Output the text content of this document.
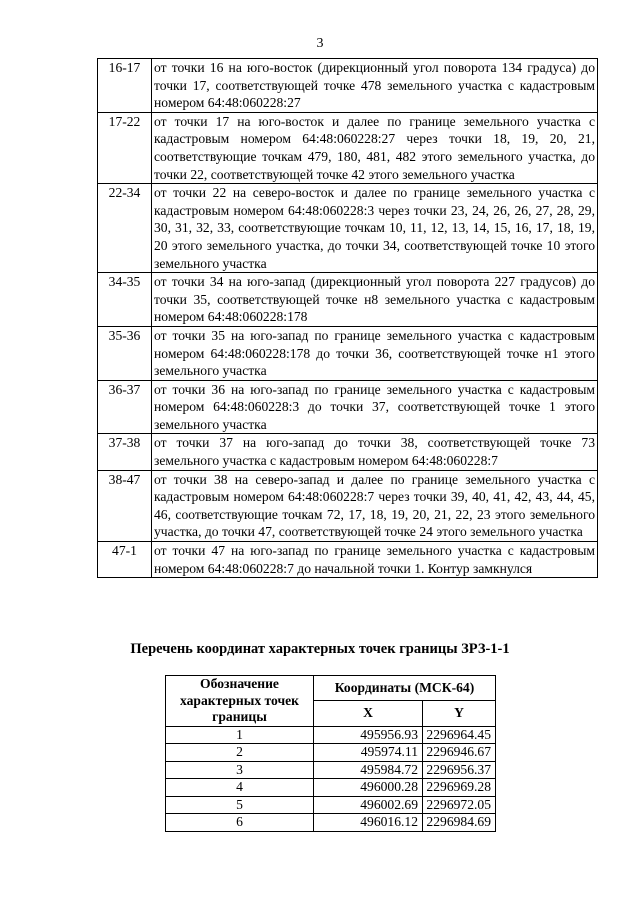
3
16-17	от точки 16 на юго-восток (дирекционный угол поворота 134 градуса) до точки 17, соответствующей точке 478 земельного участка с кадастровым номером 64:48:060228:27
17-22	от точки 17 на юго-восток и далее по границе земельного участка с кадастровым номером 64:48:060228:27 через точки 18, 19, 20, 21, соответствующие точкам 479, 180, 481, 482 этого земельного участка, до точки 22, соответствующей точке 42 этого земельного участка
22-34	от точки 22 на северо-восток и далее по границе земельного участка с кадастровым номером 64:48:060228:3 через точки 23, 24, 26, 26, 27, 28, 29, 30, 31, 32, 33, соответствующие точкам 10, 11, 12, 13, 14, 15, 16, 17, 18, 19, 20 этого земельного участка, до точки 34, соответствующей точке 10 этого земельного участка
34-35	от точки 34 на юго-запад (дирекционный угол поворота 227 градусов) до точки 35, соответствующей точке н8 земельного участка с кадастровым номером 64:48:060228:178
35-36	от точки 35 на юго-запад по границе земельного участка с кадастровым номером 64:48:060228:178 до точки 36, соответствующей точке н1 этого земельного участка
36-37	от точки 36 на юго-запад по границе земельного участка с кадастровым номером 64:48:060228:3 до точки 37, соответствующей точке 1 этого земельного участка
37-38	от точки 37 на юго-запад до точки 38, соответствующей точке 73 земельного участка с кадастровым номером 64:48:060228:7
38-47	от точки 38 на северо-запад и далее по границе земельного участка с кадастровым номером 64:48:060228:7 через точки 39, 40, 41, 42, 43, 44, 45, 46, соответствующие точкам 72, 17, 18, 19, 20, 21, 22, 23 этого земельного участка, до точки 47, соответствующей точке 24 этого земельного участка
47-1	от точки 47 на юго-запад по границе земельного участка с кадастровым номером 64:48:060228:7 до начальной точки 1. Контур замкнулся
Перечень координат характерных точек границы ЗРЗ-1-1
Обозначение характерных точек границы	Координаты (МСК-64)	
	X	Y
1	495956.93	2296964.45
2	495974.11	2296946.67
3	495984.72	2296956.37
4	496000.28	2296969.28
5	496002.69	2296972.05
6	496016.12	2296984.69
